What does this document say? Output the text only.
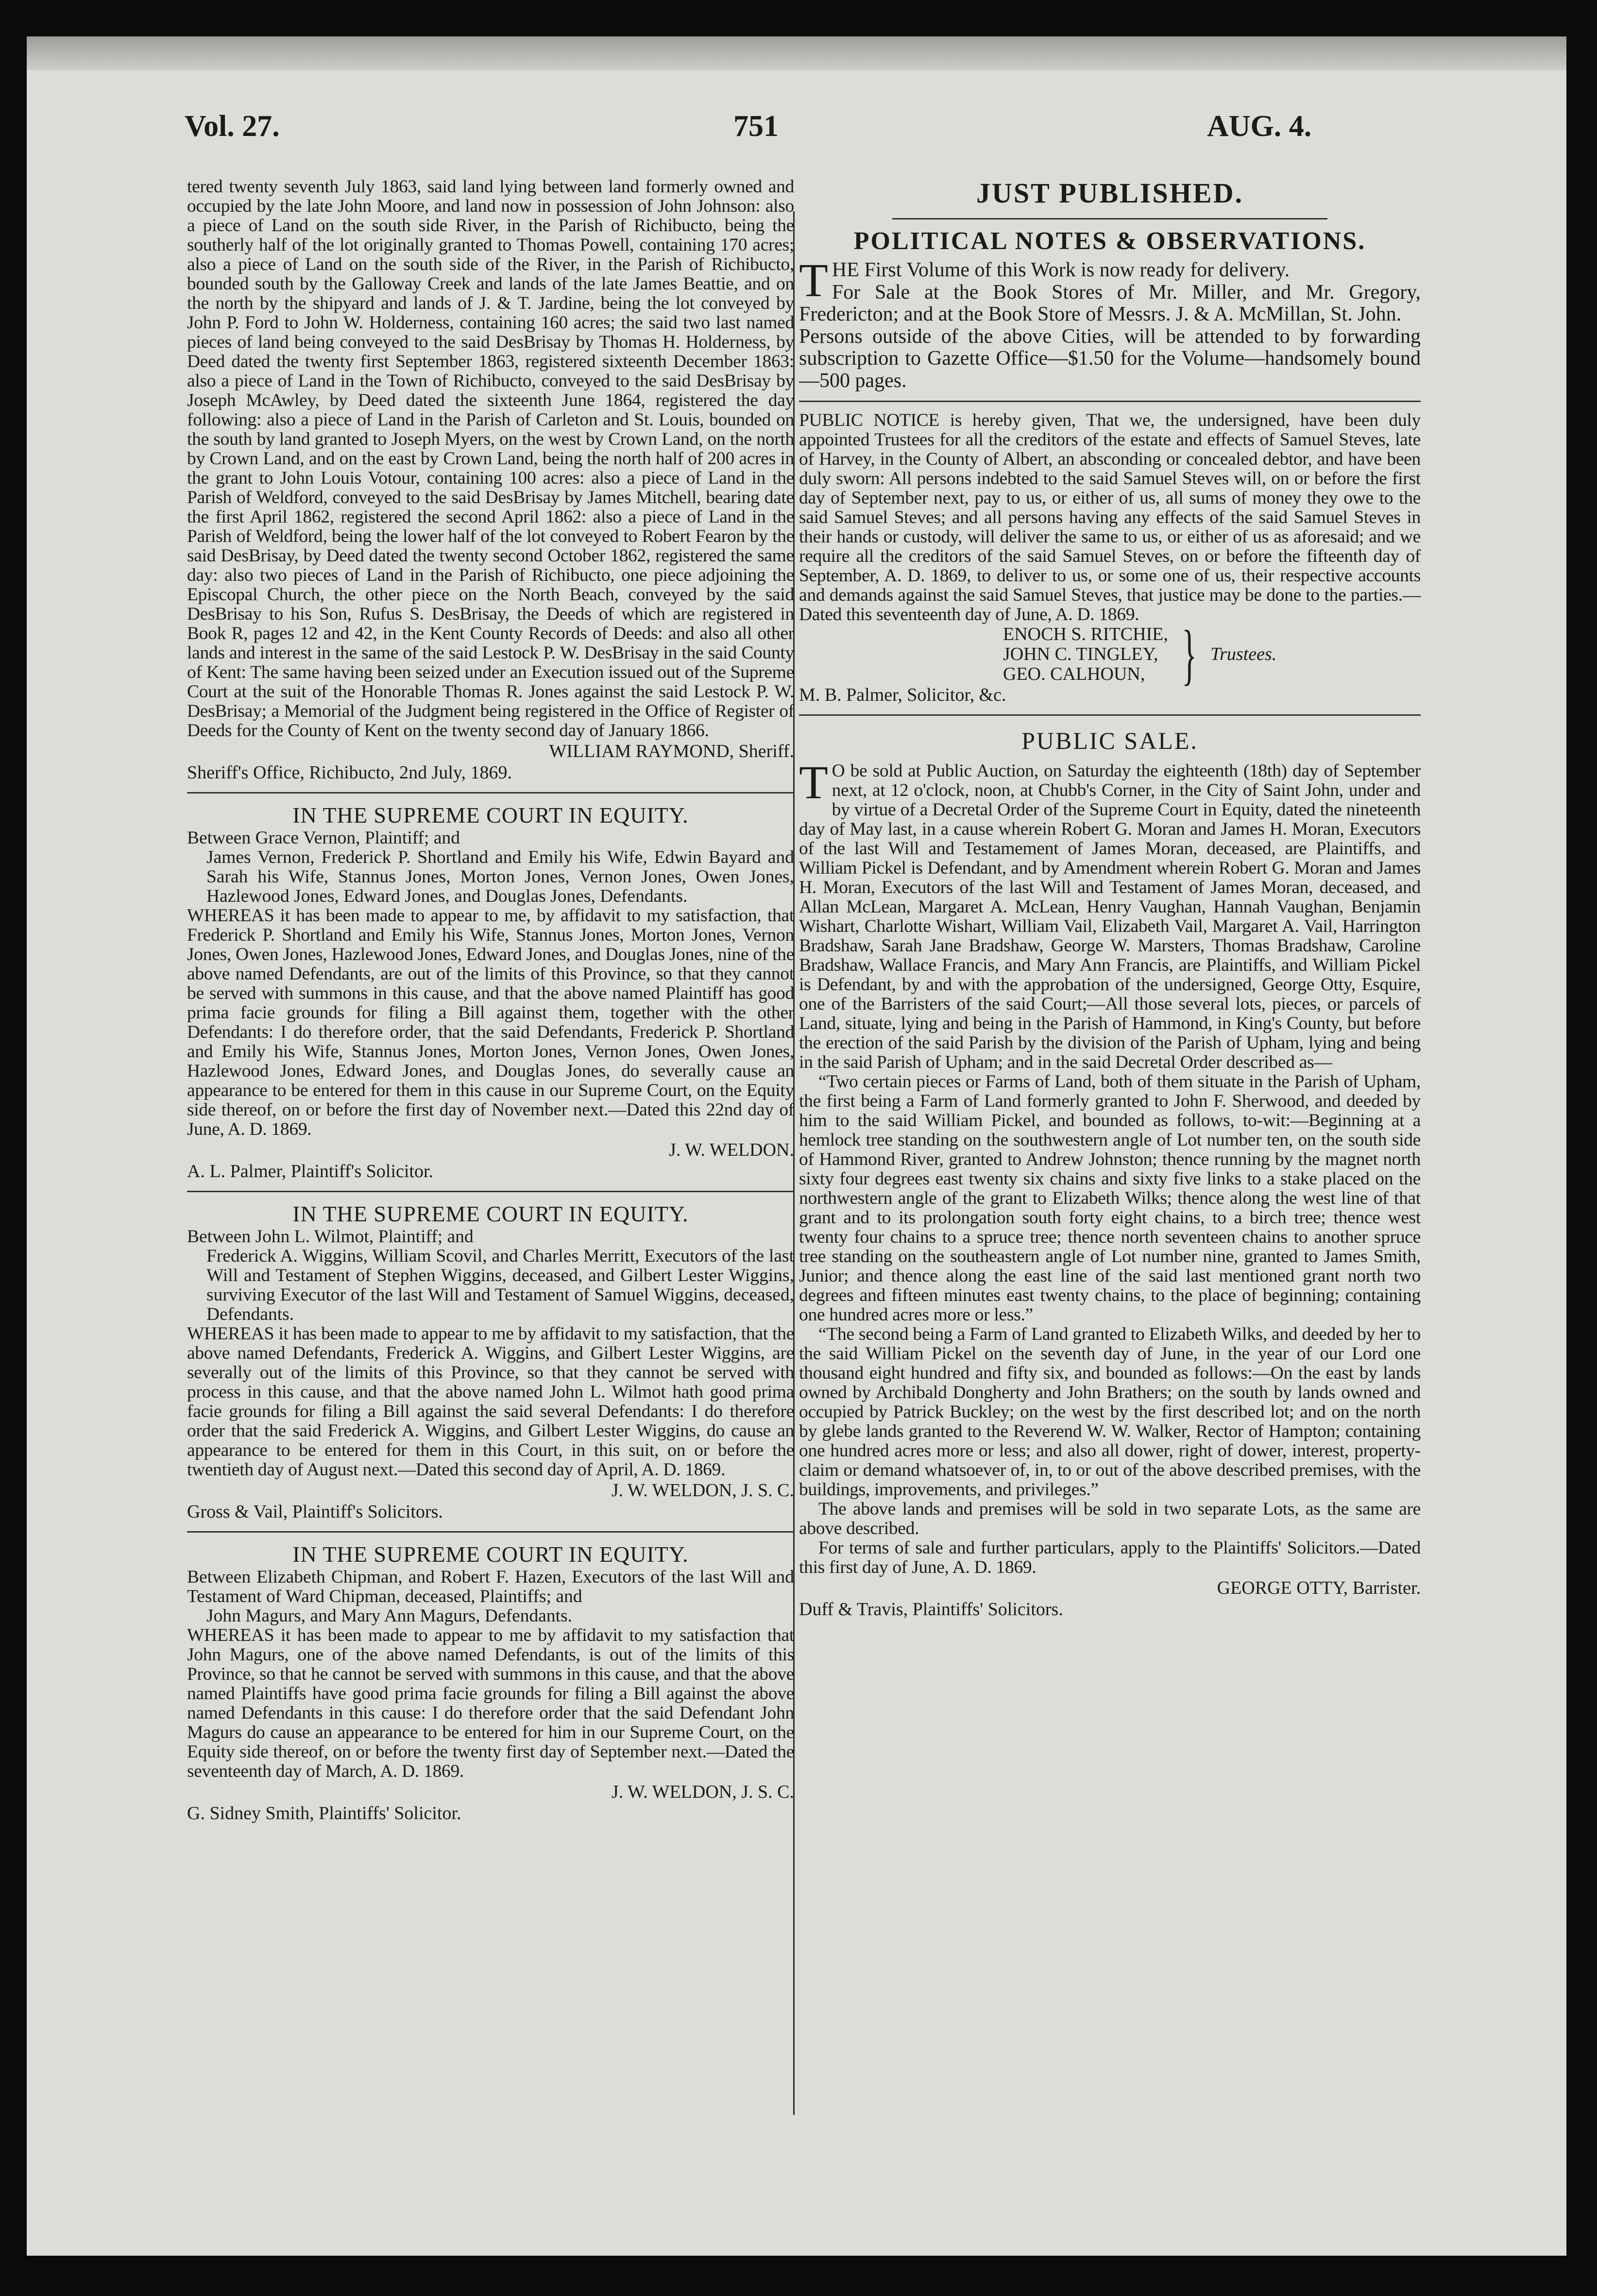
Vol. 27.	751	AUG. 4.

tered twenty seventh July 1863, said land lying between land formerly owned and occupied by the late John Moore, and land now in possession of John Johnson: also a piece of Land on the south side River, in the Parish of Richibucto, being the southerly half of the lot originally granted to Thomas Powell, containing 170 acres; also a piece of Land on the south side of the River, in the Parish of Richibucto, bounded south by the Galloway Creek and lands of the late James Beattie, and on the north by the shipyard and lands of J. & T. Jardine, being the lot conveyed by John P. Ford to John W. Holderness, containing 160 acres; the said two last named pieces of land being conveyed to the said DesBrisay by Thomas H. Holderness, by Deed dated the twenty first September 1863, registered sixteenth December 1863: also a piece of Land in the Town of Richibucto, conveyed to the said DesBrisay by Joseph McAwley, by Deed dated the sixteenth June 1864, registered the day following: also a piece of Land in the Parish of Carleton and St. Louis, bounded on the south by land granted to Joseph Myers, on the west by Crown Land, on the north by Crown Land, and on the east by Crown Land, being the north half of 200 acres in the grant to John Louis Votour, containing 100 acres: also a piece of Land in the Parish of Weldford, conveyed to the said DesBrisay by James Mitchell, bearing date the first April 1862, registered the second April 1862: also a piece of Land in the Parish of Weldford, being the lower half of the lot conveyed to Robert Fearon by the said DesBrisay, by Deed dated the twenty second October 1862, registered the same day: also two pieces of Land in the Parish of Richibucto, one piece adjoining the Episcopal Church, the other piece on the North Beach, conveyed by the said DesBrisay to his Son, Rufus S. DesBrisay, the Deeds of which are registered in Book R, pages 12 and 42, in the Kent County Records of Deeds: and also all other lands and interest in the same of the said Lestock P. W. DesBrisay in the said County of Kent: The same having been seized under an Execution issued out of the Supreme Court at the suit of the Honorable Thomas R. Jones against the said Lestock P. W. DesBrisay; a Memorial of the Judgment being registered in the Office of Register of Deeds for the County of Kent on the twenty second day of January 1866.

WILLIAM RAYMOND, Sheriff.

Sheriff's Office, Richibucto, 2nd July, 1869.

IN THE SUPREME COURT IN EQUITY.

Between Grace Vernon, Plaintiff; and

James Vernon, Frederick P. Shortland and Emily his Wife, Edwin Bayard and Sarah his Wife, Stannus Jones, Morton Jones, Vernon Jones, Owen Jones, Hazlewood Jones, Edward Jones, and Douglas Jones, Defendants.

WHEREAS it has been made to appear to me, by affidavit to my satisfaction, that Frederick P. Shortland and Emily his Wife, Stannus Jones, Morton Jones, Vernon Jones, Owen Jones, Hazlewood Jones, Edward Jones, and Douglas Jones, nine of the above named Defendants, are out of the limits of this Province, so that they cannot be served with summons in this cause, and that the above named Plaintiff has good prima facie grounds for filing a Bill against them, together with the other Defendants: I do therefore order, that the said Defendants, Frederick P. Shortland and Emily his Wife, Stannus Jones, Morton Jones, Vernon Jones, Owen Jones, Hazlewood Jones, Edward Jones, and Douglas Jones, do severally cause an appearance to be entered for them in this cause in our Supreme Court, on the Equity side thereof, on or before the first day of November next.—Dated this 22nd day of June, A. D. 1869.

J. W. WELDON.

A. L. Palmer, Plaintiff's Solicitor.

IN THE SUPREME COURT IN EQUITY.

Between John L. Wilmot, Plaintiff; and

Frederick A. Wiggins, William Scovil, and Charles Merritt, Executors of the last Will and Testament of Stephen Wiggins, deceased, and Gilbert Lester Wiggins, surviving Executor of the last Will and Testament of Samuel Wiggins, deceased, Defendants.

WHEREAS it has been made to appear to me by affidavit to my satisfaction, that the above named Defendants, Frederick A. Wiggins, and Gilbert Lester Wiggins, are severally out of the limits of this Province, so that they cannot be served with process in this cause, and that the above named John L. Wilmot hath good prima facie grounds for filing a Bill against the said several Defendants: I do therefore order that the said Frederick A. Wiggins, and Gilbert Lester Wiggins, do cause an appearance to be entered for them in this Court, in this suit, on or before the twentieth day of August next.—Dated this second day of April, A. D. 1869.

J. W. WELDON, J. S. C.

Gross & Vail, Plaintiff's Solicitors.

IN THE SUPREME COURT IN EQUITY.

Between Elizabeth Chipman, and Robert F. Hazen, Executors of the last Will and Testament of Ward Chipman, deceased, Plaintiffs; and

John Magurs, and Mary Ann Magurs, Defendants.

WHEREAS it has been made to appear to me by affidavit to my satisfaction that John Magurs, one of the above named Defendants, is out of the limits of this Province, so that he cannot be served with summons in this cause, and that the above named Plaintiffs have good prima facie grounds for filing a Bill against the above named Defendants in this cause: I do therefore order that the said Defendant John Magurs do cause an appearance to be entered for him in our Supreme Court, on the Equity side thereof, on or before the twenty first day of September next.—Dated the seventeenth day of March, A. D. 1869.

J. W. WELDON, J. S. C.

G. Sidney Smith, Plaintiffs' Solicitor.

JUST PUBLISHED.

POLITICAL NOTES & OBSERVATIONS.

THE First Volume of this Work is now ready for delivery.

For Sale at the Book Stores of Mr. Miller, and Mr. Gregory, Fredericton; and at the Book Store of Messrs. J. & A. McMillan, St. John.

Persons outside of the above Cities, will be attended to by forwarding subscription to Gazette Office—$1.50 for the Volume—handsomely bound—500 pages.

PUBLIC NOTICE is hereby given, That we, the undersigned, have been duly appointed Trustees for all the creditors of the estate and effects of Samuel Steves, late of Harvey, in the County of Albert, an absconding or concealed debtor, and have been duly sworn: All persons indebted to the said Samuel Steves will, on or before the first day of September next, pay to us, or either of us, all sums of money they owe to the said Samuel Steves; and all persons having any effects of the said Samuel Steves in their hands or custody, will deliver the same to us, or either of us as aforesaid; and we require all the creditors of the said Samuel Steves, on or before the fifteenth day of September, A. D. 1869, to deliver to us, or some one of us, their respective accounts and demands against the said Samuel Steves, that justice may be done to the parties.—Dated this seventeenth day of June, A. D. 1869.

ENOCH S. RITCHIE,
JOHN C. TINGLEY,
GEO. CALHOUN, } Trustees.

M. B. Palmer, Solicitor, &c.

PUBLIC SALE.

TO be sold at Public Auction, on Saturday the eighteenth (18th) day of September next, at 12 o'clock, noon, at Chubb's Corner, in the City of Saint John, under and by virtue of a Decretal Order of the Supreme Court in Equity, dated the nineteenth day of May last, in a cause wherein Robert G. Moran and James H. Moran, Executors of the last Will and Testamement of James Moran, deceased, are Plaintiffs, and William Pickel is Defendant, and by Amendment wherein Robert G. Moran and James H. Moran, Executors of the last Will and Testament of James Moran, deceased, and Allan McLean, Margaret A. McLean, Henry Vaughan, Hannah Vaughan, Benjamin Wishart, Charlotte Wishart, William Vail, Elizabeth Vail, Margaret A. Vail, Harrington Bradshaw, Sarah Jane Bradshaw, George W. Marsters, Thomas Bradshaw, Caroline Bradshaw, Wallace Francis, and Mary Ann Francis, are Plaintiffs, and William Pickel is Defendant, by and with the approbation of the undersigned, George Otty, Esquire, one of the Barristers of the said Court;—All those several lots, pieces, or parcels of Land, situate, lying and being in the Parish of Hammond, in King's County, but before the erection of the said Parish by the division of the Parish of Upham, lying and being in the said Parish of Upham; and in the said Decretal Order described as—

“Two certain pieces or Farms of Land, both of them situate in the Parish of Upham, the first being a Farm of Land formerly granted to John F. Sherwood, and deeded by him to the said William Pickel, and bounded as follows, to-wit:—Beginning at a hemlock tree standing on the southwestern angle of Lot number ten, on the south side of Hammond River, granted to Andrew Johnston; thence running by the magnet north sixty four degrees east twenty six chains and sixty five links to a stake placed on the northwestern angle of the grant to Elizabeth Wilks; thence along the west line of that grant and to its prolongation south forty eight chains, to a birch tree; thence west twenty four chains to a spruce tree; thence north seventeen chains to another spruce tree standing on the southeastern angle of Lot number nine, granted to James Smith, Junior; and thence along the east line of the said last mentioned grant north two degrees and fifteen minutes east twenty chains, to the place of beginning; containing one hundred acres more or less.”

“The second being a Farm of Land granted to Elizabeth Wilks, and deeded by her to the said William Pickel on the seventh day of June, in the year of our Lord one thousand eight hundred and fifty six, and bounded as follows:—On the east by lands owned by Archibald Dongherty and John Brathers; on the south by lands owned and occupied by Patrick Buckley; on the west by the first described lot; and on the north by glebe lands granted to the Reverend W. W. Walker, Rector of Hampton; containing one hundred acres more or less; and also all dower, right of dower, interest, property-claim or demand whatsoever of, in, to or out of the above described premises, with the buildings, improvements, and privileges.”

The above lands and premises will be sold in two separate Lots, as the same are above described.

For terms of sale and further particulars, apply to the Plaintiffs' Solicitors.—Dated this first day of June, A. D. 1869.

GEORGE OTTY, Barrister.

Duff & Travis, Plaintiffs' Solicitors.
